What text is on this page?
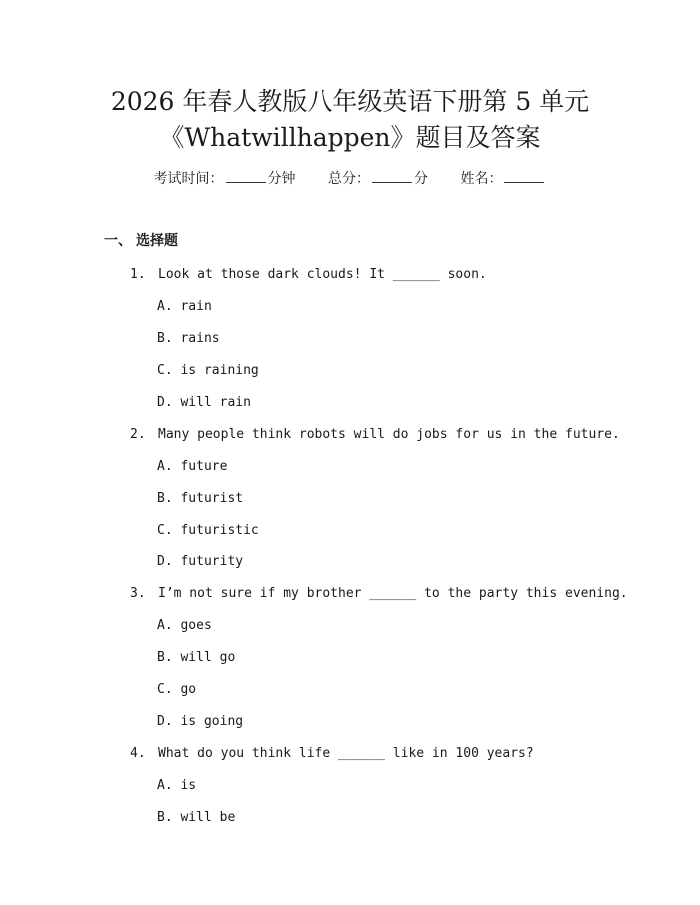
2026 年春人教版八年级英语下册第 5 单元
《Whatwillhappen》题目及答案
考试时间：	分钟 总分：	分 姓名：
一、 选择题
1. Look at those dark clouds! It ______ soon.
A. rain
B. rains
C. is raining
D. will rain
2. Many people think robots will do jobs for us in the future.
A. future
B. futurist
C. futuristic
D. futurity
3. I’m not sure if my brother ______ to the party this evening.
A. goes
B. will go
C. go
D. is going
4. What do you think life ______ like in 100 years?
A. is
B. will be
